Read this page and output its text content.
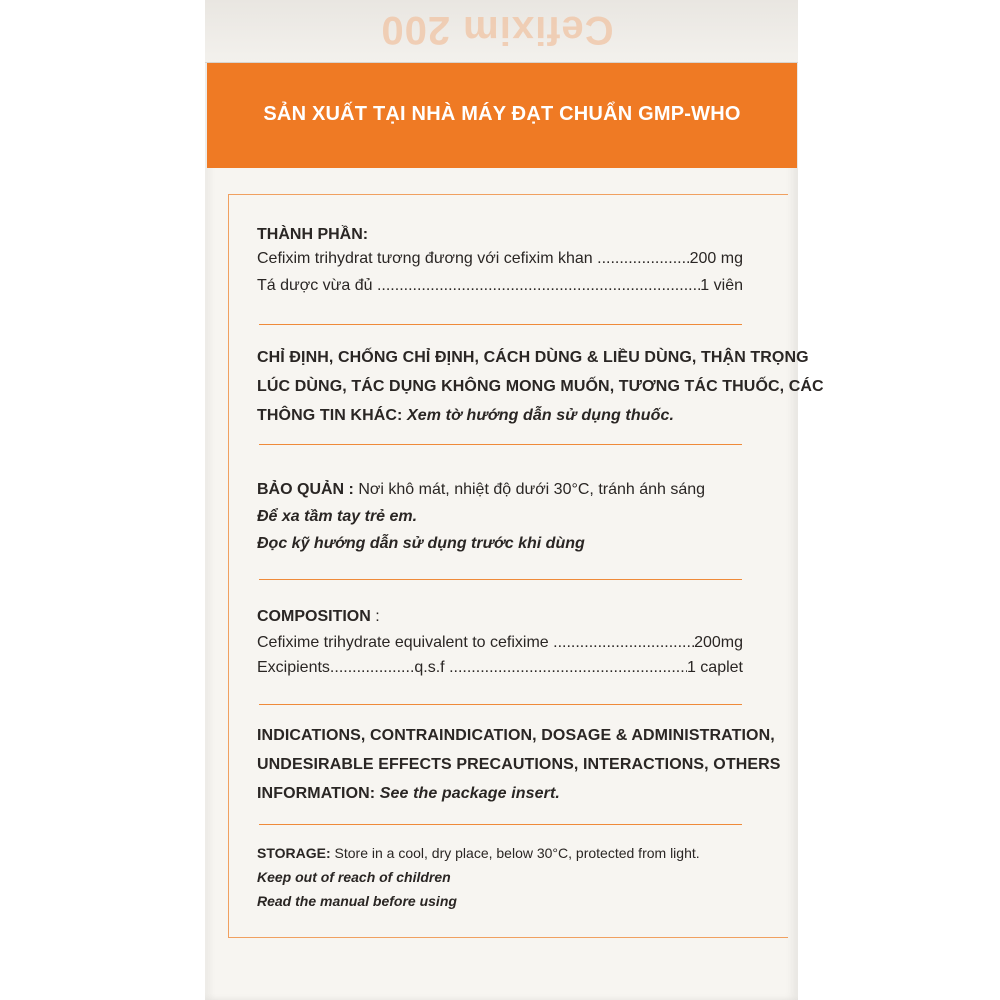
Cefixim 200
SẢN XUẤT TẠI NHÀ MÁY ĐẠT CHUẨN GMP-WHO
THÀNH PHẦN:
Cefixim trihydrat tương đương với cefixim khan .....	200 mg
Tá dược vừa đủ .....	1 viên
CHỈ ĐỊNH, CHỐNG CHỈ ĐỊNH, CÁCH DÙNG & LIỀU DÙNG, THẬN TRỌNG
LÚC DÙNG, TÁC DỤNG KHÔNG MONG MUỐN, TƯƠNG TÁC THUỐC, CÁC
THÔNG TIN KHÁC: Xem tờ hướng dẫn sử dụng thuốc.
BẢO QUẢN : Nơi khô mát, nhiệt độ dưới 30°C, tránh ánh sáng
Để xa tầm tay trẻ em.
Đọc kỹ hướng dẫn sử dụng trước khi dùng
COMPOSITION :
Cefixime trihydrate equivalent to cefixime .....	200mg
Excipients...................q.s.f .....	1 caplet
INDICATIONS, CONTRAINDICATION, DOSAGE & ADMINISTRATION,
UNDESIRABLE EFFECTS PRECAUTIONS, INTERACTIONS, OTHERS
INFORMATION: See the package insert.
STORAGE: Store in a cool, dry place, below 30°C, protected from light.
Keep out of reach of children
Read the manual before using
